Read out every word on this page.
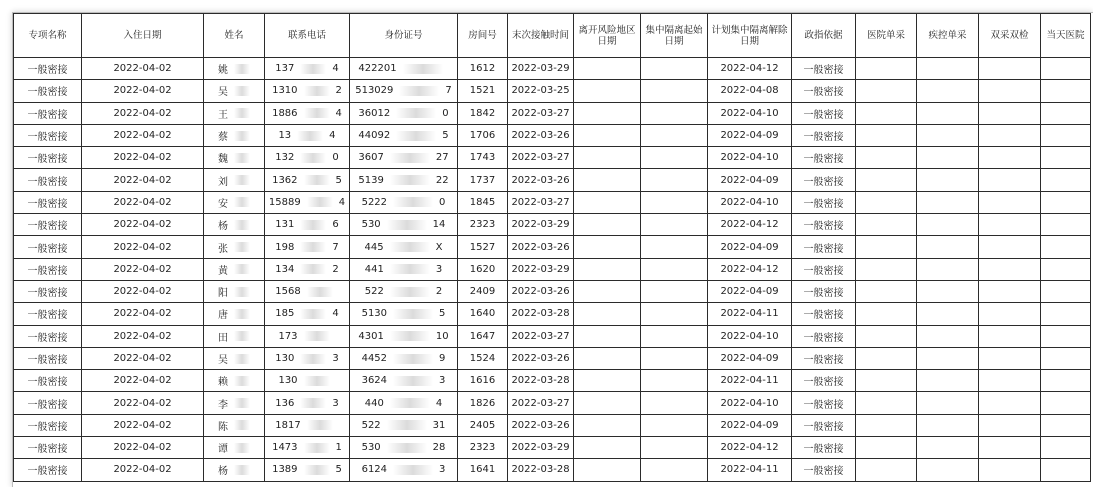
专项名称	入住日期	姓名	联系电话	身份证号	房间号	末次接触时间	离开风险地区日期	集中隔离起始日期	计划集中隔离解除日期	政指依据	医院单采	疾控单采	双采双检	当天医院
一般密接	2022-04-02	姚	137 4	422201	1612	2022-03-29			2022-04-12	一般密接				
一般密接	2022-04-02	吴	1310 2	513029 7	1521	2022-03-25			2022-04-08	一般密接				
一般密接	2022-04-02	王	1886 4	36012 0	1842	2022-03-27			2022-04-10	一般密接				
一般密接	2022-04-02	蔡	13 4	44092 5	1706	2022-03-26			2022-04-09	一般密接				
一般密接	2022-04-02	魏	132 0	3607 27	1743	2022-03-27			2022-04-10	一般密接				
一般密接	2022-04-02	刘	1362 5	5139 22	1737	2022-03-26			2022-04-09	一般密接				
一般密接	2022-04-02	安	15889 4	5222 0	1845	2022-03-27			2022-04-10	一般密接				
一般密接	2022-04-02	杨	131 6	530 14	2323	2022-03-29			2022-04-12	一般密接				
一般密接	2022-04-02	张	198 7	445 X	1527	2022-03-26			2022-04-09	一般密接				
一般密接	2022-04-02	黄	134 2	441 3	1620	2022-03-29			2022-04-12	一般密接				
一般密接	2022-04-02	阳	1568	522 2	2409	2022-03-26			2022-04-09	一般密接				
一般密接	2022-04-02	唐	185 4	5130 5	1640	2022-03-28			2022-04-11	一般密接				
一般密接	2022-04-02	田	173	4301 10	1647	2022-03-27			2022-04-10	一般密接				
一般密接	2022-04-02	吴	130 3	4452 9	1524	2022-03-26			2022-04-09	一般密接				
一般密接	2022-04-02	赖	130	3624 3	1616	2022-03-28			2022-04-11	一般密接				
一般密接	2022-04-02	李	136 3	440 4	1826	2022-03-27			2022-04-10	一般密接				
一般密接	2022-04-02	陈	1817	522 31	2405	2022-03-26			2022-04-09	一般密接				
一般密接	2022-04-02	谭	1473 1	530 28	2323	2022-03-29			2022-04-12	一般密接				
一般密接	2022-04-02	杨	1389 5	6124 3	1641	2022-03-28			2022-04-11	一般密接				
